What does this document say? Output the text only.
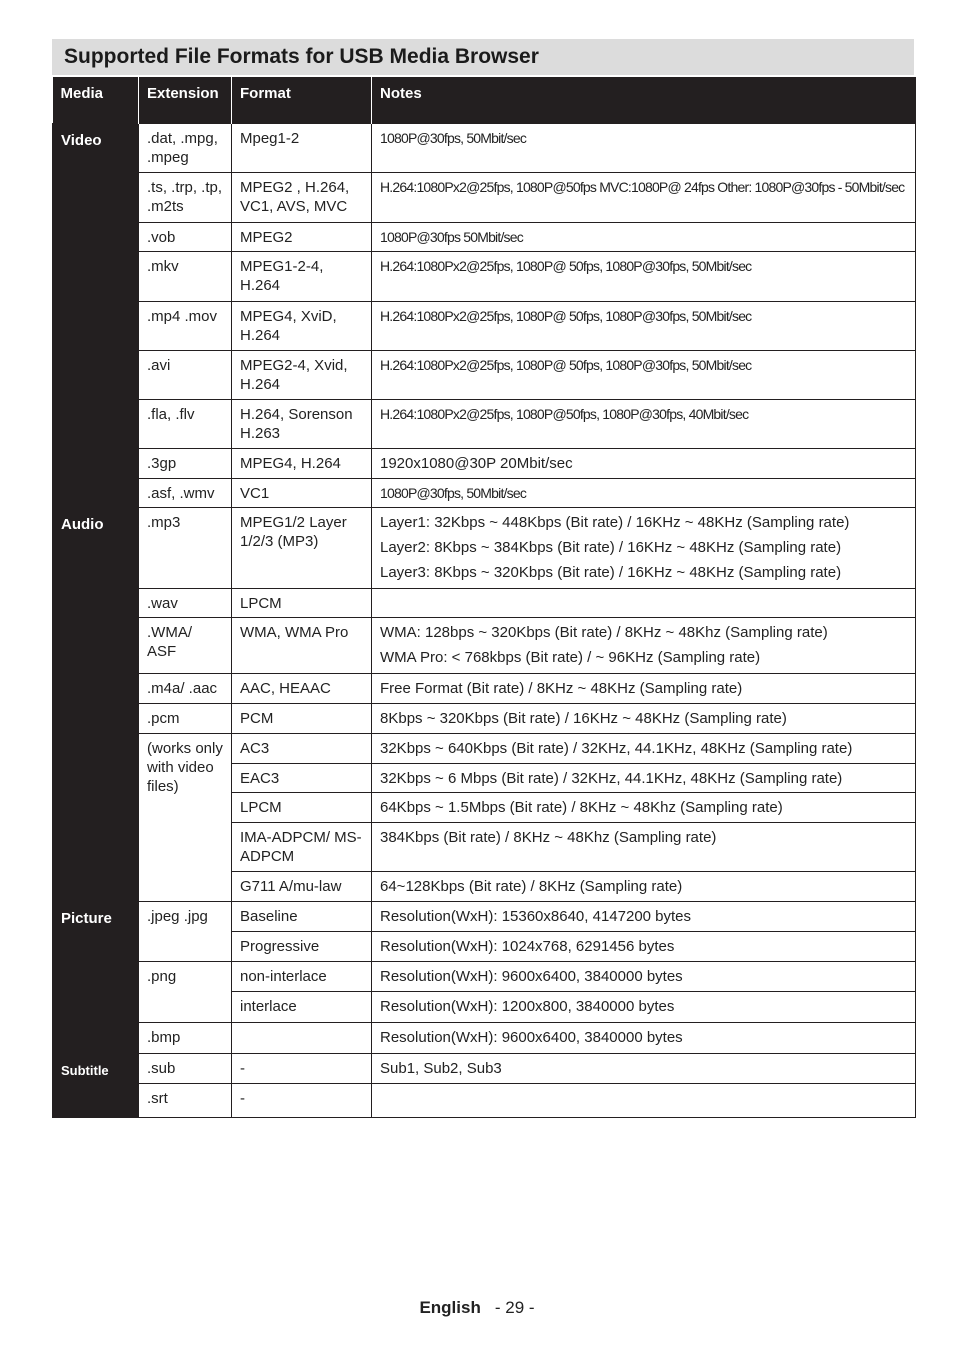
Supported File Formats for USB Media Browser
Media	Extension	Format	Notes
Video	.dat, .mpg, .mpeg	Mpeg1-2	1080P@30fps, 50Mbit/sec
	.ts, .trp, .tp, .m2ts	MPEG2 , H.264, VC1, AVS, MVC	H.264:1080Px2@25fps, 1080P@50fps MVC:1080P@ 24fps Other: 1080P@30fps - 50Mbit/sec
	.vob	MPEG2	1080P@30fps 50Mbit/sec
	.mkv	MPEG1-2-4, H.264	H.264:1080Px2@25fps, 1080P@ 50fps, 1080P@30fps, 50Mbit/sec
	.mp4 .mov	MPEG4, XviD, H.264	H.264:1080Px2@25fps, 1080P@ 50fps, 1080P@30fps, 50Mbit/sec
	.avi	MPEG2-4, Xvid, H.264	H.264:1080Px2@25fps, 1080P@ 50fps, 1080P@30fps, 50Mbit/sec
	.fla, .flv	H.264, Sorenson H.263	H.264:1080Px2@25fps, 1080P@50fps, 1080P@30fps, 40Mbit/sec
	.3gp	MPEG4, H.264	1920x1080@30P 20Mbit/sec
	.asf, .wmv	VC1	1080P@30fps, 50Mbit/sec
Audio	.mp3	MPEG1/2 Layer 1/2/3 (MP3)	Layer1: 32Kbps ~ 448Kbps (Bit rate) / 16KHz ~ 48KHz (Sampling rate)
Layer2: 8Kbps ~ 384Kbps (Bit rate) / 16KHz ~ 48KHz (Sampling rate)
Layer3: 8Kbps ~ 320Kbps (Bit rate) / 16KHz ~ 48KHz (Sampling rate)

	.wav	LPCM	
	.WMA/ ASF	WMA, WMA Pro	WMA: 128bps ~ 320Kbps (Bit rate) / 8KHz ~ 48Khz (Sampling rate)
WMA Pro: < 768kbps (Bit rate) / ~ 96KHz (Sampling rate)

	.m4a/ .aac	AAC, HEAAC	Free Format (Bit rate) / 8KHz ~ 48KHz (Sampling rate)
	.pcm	PCM	8Kbps ~ 320Kbps (Bit rate) / 16KHz ~ 48KHz (Sampling rate)
	(works only with video files)	AC3	32Kbps ~ 640Kbps (Bit rate) / 32KHz, 44.1KHz, 48KHz (Sampling rate)
		EAC3	32Kbps ~ 6 Mbps (Bit rate) / 32KHz, 44.1KHz, 48KHz (Sampling rate)
		LPCM	64Kbps ~ 1.5Mbps (Bit rate) / 8KHz ~ 48Khz (Sampling rate)
		IMA-ADPCM/ MS-ADPCM	384Kbps (Bit rate) / 8KHz ~ 48Khz (Sampling rate)
		G711 A/mu-law	64~128Kbps (Bit rate) / 8KHz (Sampling rate)
Picture	.jpeg .jpg	Baseline	Resolution(WxH): 15360x8640, 4147200 bytes
		Progressive	Resolution(WxH): 1024x768, 6291456 bytes
	.png	non-interlace	Resolution(WxH): 9600x6400, 3840000 bytes
		interlace	Resolution(WxH): 1200x800, 3840000 bytes
	.bmp		Resolution(WxH): 9600x6400, 3840000 bytes
Subtitle	.sub	-	Sub1, Sub2, Sub3
	.srt	-	
English - 29 -
